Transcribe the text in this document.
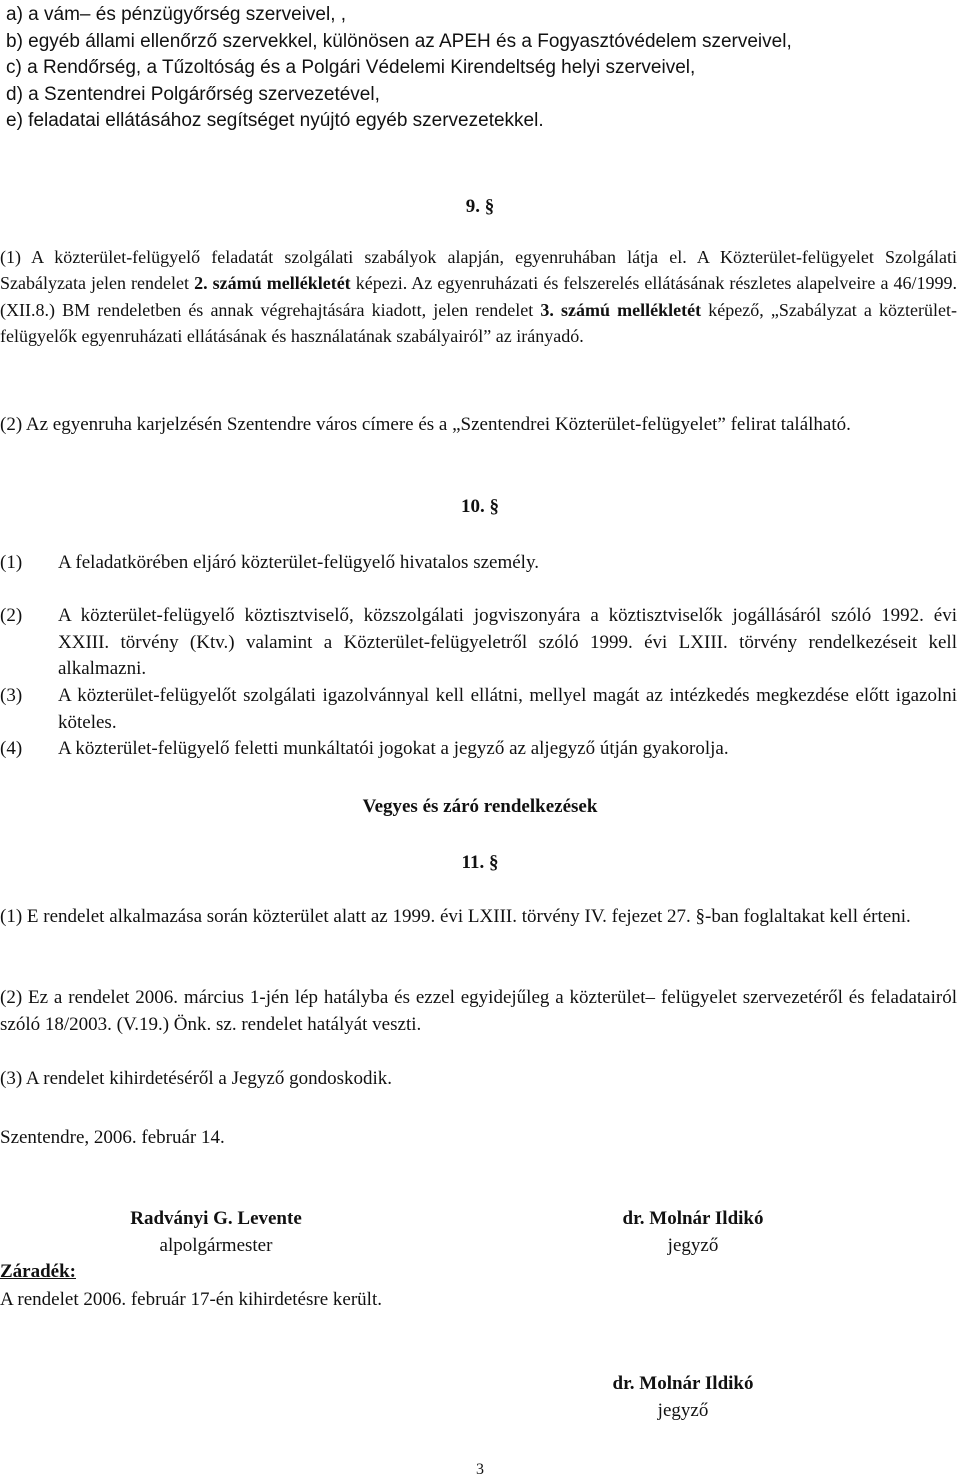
a) a vám– és pénzügyőrség szerveivel, ,
b) egyéb állami ellenőrző szervekkel, különösen az APEH és a Fogyasztóvédelem szerveivel,
c) a Rendőrség, a Tűzoltóság és a Polgári Védelemi Kirendeltség helyi szerveivel,
d) a Szentendrei Polgárőrség szervezetével,
e) feladatai ellátásához segítséget nyújtó egyéb szervezetekkel.
9. §
(1) A közterület-felügyelő feladatát szolgálati szabályok alapján, egyenruhában látja el. A Közterület-felügyelet Szolgálati Szabályzata jelen rendelet 2. számú mellékletét képezi. Az egyenruházati és felszerelés ellátásának részletes alapelveire a 46/1999. (XII.8.) BM rendeletben és annak végrehajtására kiadott, jelen rendelet 3. számú mellékletét képező, „Szabályzat a közterület-felügyelők egyenruházati ellátásának és használatának szabályairól” az irányadó.
(2) Az egyenruha karjelzésén Szentendre város címere és a „Szentendrei Közterület-felügyelet” felirat található.
10. §
(1) A feladatkörében eljáró közterület-felügyelő hivatalos személy.
(2) A közterület-felügyelő köztisztviselő, közszolgálati jogviszonyára a köztisztviselők jogállásáról szóló 1992. évi XXIII. törvény (Ktv.) valamint a Közterület-felügyeletről szóló 1999. évi LXIII. törvény rendelkezéseit kell alkalmazni.
(3) A közterület-felügyelőt szolgálati igazolvánnyal kell ellátni, mellyel magát az intézkedés megkezdése előtt igazolni köteles.
(4) A közterület-felügyelő feletti munkáltatói jogokat a jegyző az aljegyző útján gyakorolja.
Vegyes és záró rendelkezések
11. §
(1) E rendelet alkalmazása során közterület alatt az 1999. évi LXIII. törvény IV. fejezet 27. §-ban foglaltakat kell érteni.
(2) Ez a rendelet 2006. március 1-jén lép hatályba és ezzel egyidejűleg a közterület– felügyelet szervezetéről és feladatairól szóló 18/2003. (V.19.) Önk. sz. rendelet hatályát veszti.
(3) A rendelet kihirdetéséről a Jegyző gondoskodik.
Szentendre, 2006. február 14.
Radványi G. Levente
alpolgármester
dr. Molnár Ildikó
jegyző
Záradék:
A rendelet 2006. február 17-én kihirdetésre került.
dr. Molnár Ildikó
jegyző
3
